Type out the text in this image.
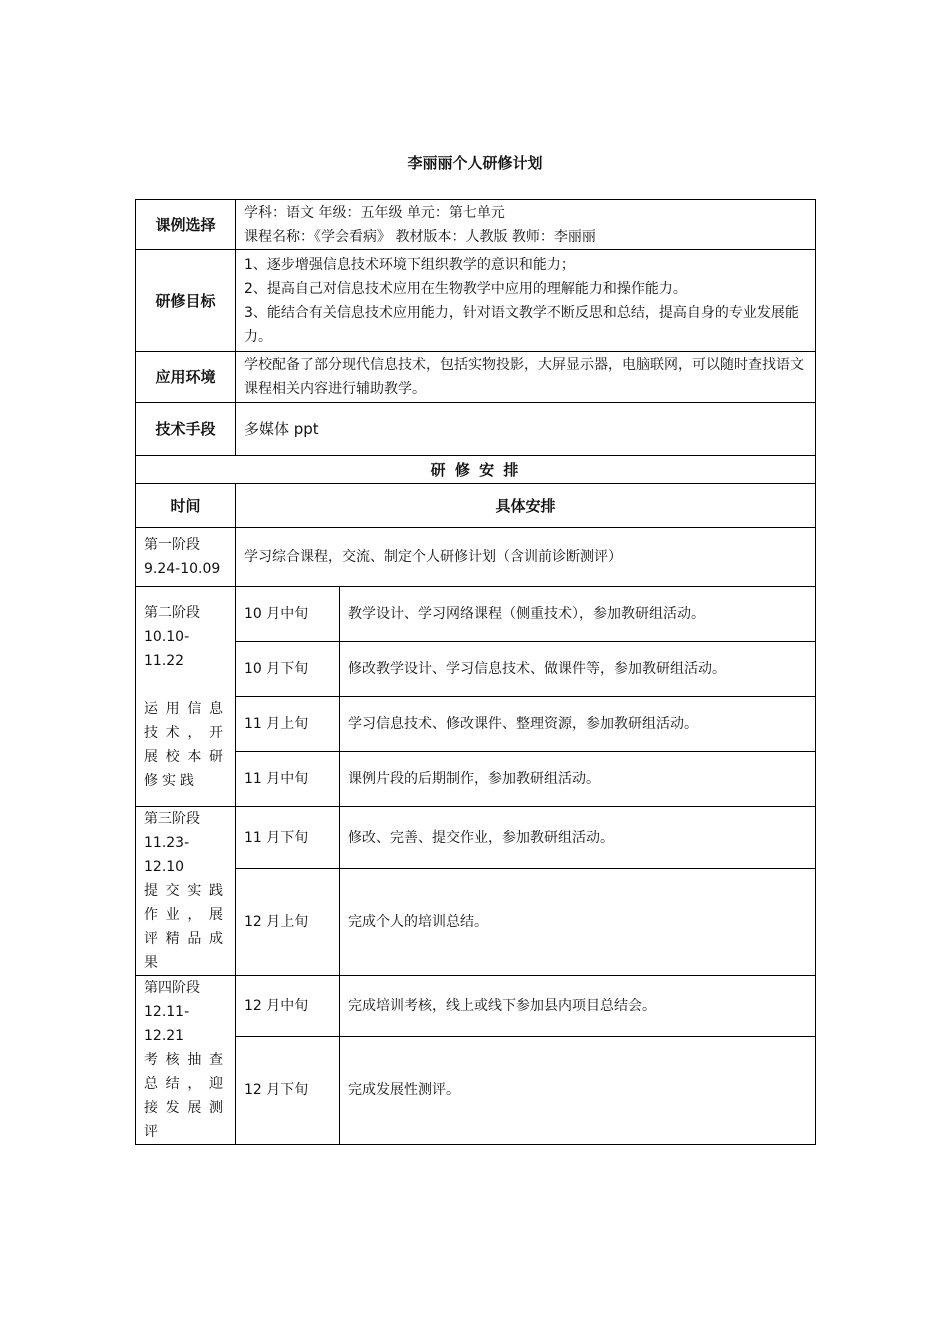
李丽丽个人研修计划
课例选择	学科：语文 年级：五年级 单元：第七单元
课程名称：《学会看病》 教材版本：人教版 教师：李丽丽	

研修目标	1、逐步增强信息技术环境下组织教学的意识和能力；
2、提高自己对信息技术应用在生物教学中应用的理解能力和操作能力。
3、能结合有关信息技术应用能力，针对语文教学不断反思和总结，提高自身的专业发展能力。	

应用环境	学校配备了部分现代信息技术，包括实物投影，大屏显示器，电脑联网，可以随时查找语文课程相关内容进行辅助教学。	
技术手段	多媒体 ppt	
研 修 安 排		
时间	具体安排	

第一阶段
9.24-10.09	学习综合课程，交流、制定个人研修计划（含训前诊断测评）	

第二阶段
10.10-11.22
运用信息技术，开展校本研修实践	10 月中旬	教学设计、学习网络课程（侧重技术），参加教研组活动。
	10 月下旬	修改教学设计、学习信息技术、做课件等，参加教研组活动。
	11 月上旬	学习信息技术、修改课件、整理资源，参加教研组活动。
	11 月中旬	课例片段的后期制作，参加教研组活动。

第三阶段
11.23-12.10
提交实践作业，展评精品成果	11 月下旬	修改、完善、提交作业，参加教研组活动。
	12 月上旬	完成个人的培训总结。

第四阶段
12.11-12.21
考核抽查总结，迎接发展测评	12 月中旬	完成培训考核，线上或线下参加县内项目总结会。
	12 月下旬	完成发展性测评。
